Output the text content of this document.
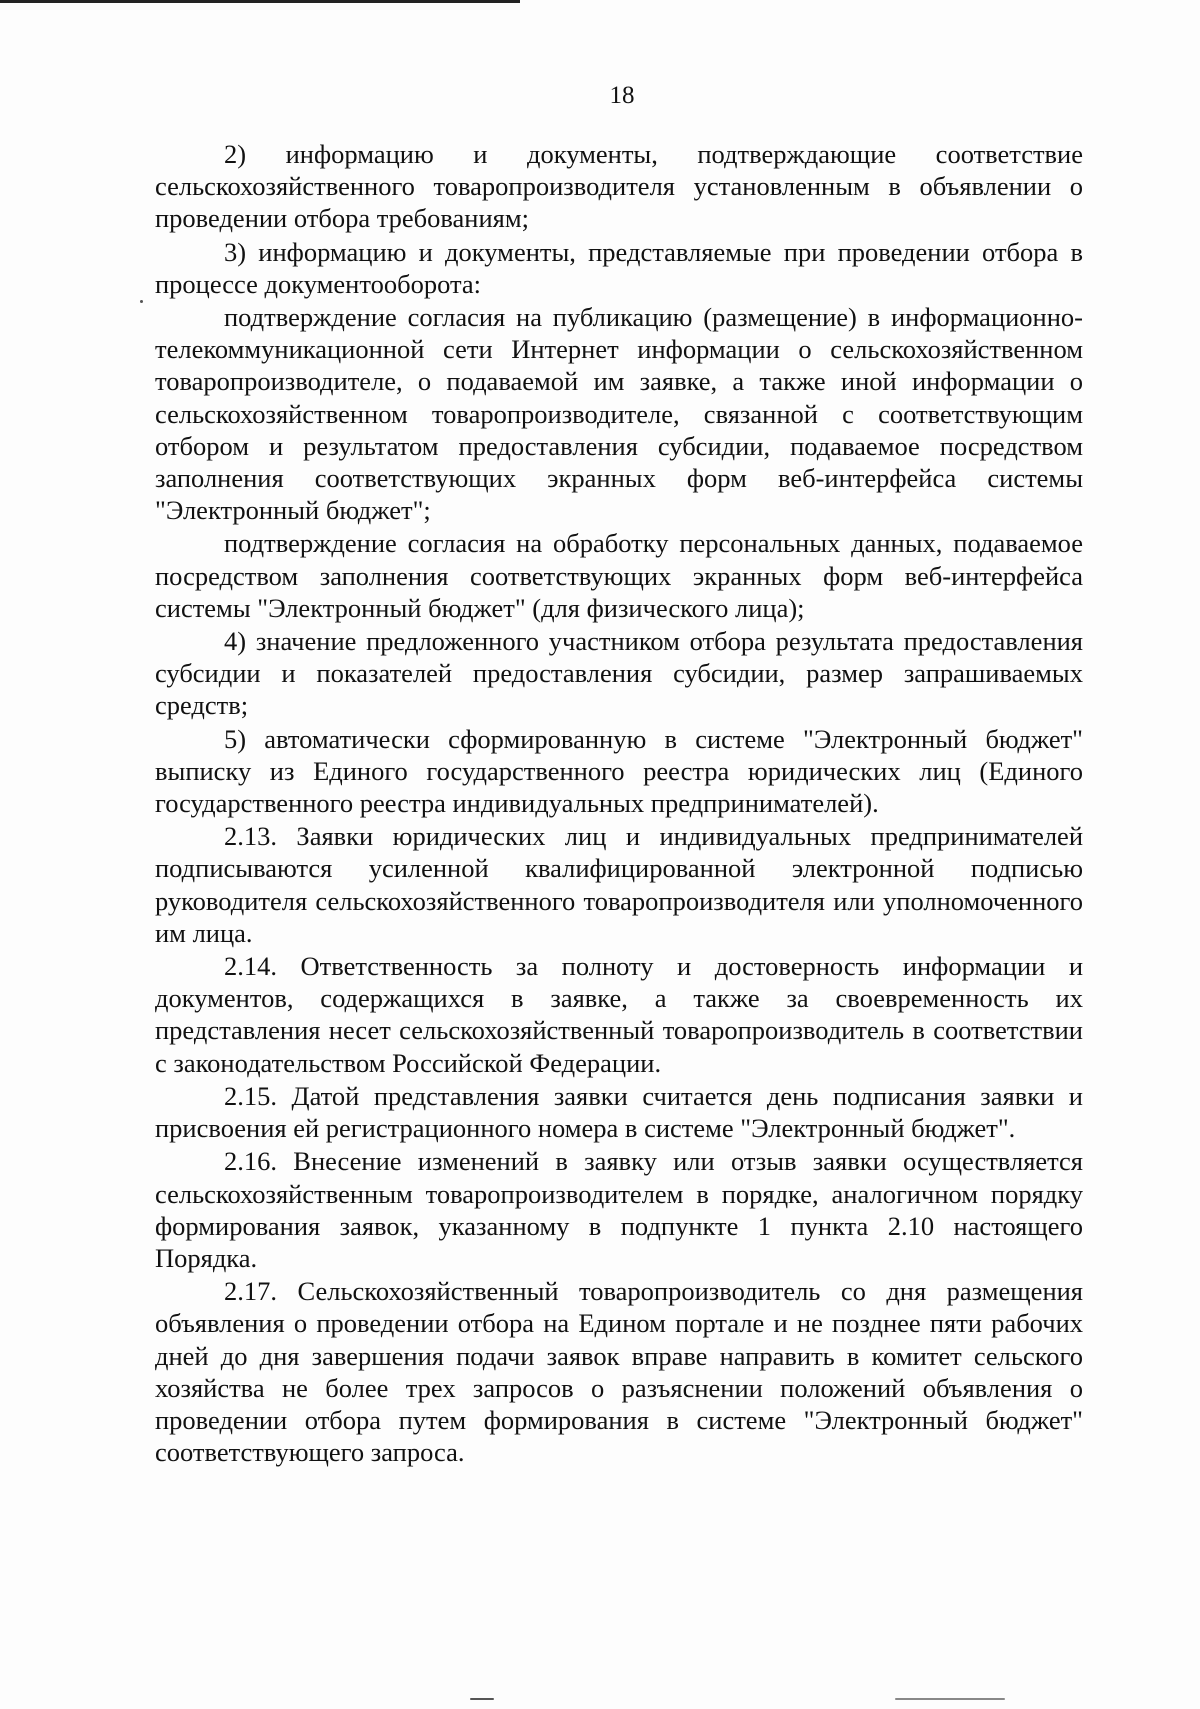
18

2) информацию и документы, подтверждающие соответствие сельскохозяйственного товаропроизводителя установленным в объявлении о проведении отбора требованиям;

3) информацию и документы, представляемые при проведении отбора в процессе документооборота:

подтверждение согласия на публикацию (размещение) в информационно-телекоммуникационной сети Интернет информации о сельскохозяйственном товаропроизводителе, о подаваемой им заявке, а также иной информации о сельскохозяйственном товаропроизводителе, связанной с соответствующим отбором и результатом предоставления субсидии, подаваемое посредством заполнения соответствующих экранных форм веб-интерфейса системы "Электронный бюджет";

подтверждение согласия на обработку персональных данных, подаваемое посредством заполнения соответствующих экранных форм веб-интерфейса системы "Электронный бюджет" (для физического лица);

4) значение предложенного участником отбора результата предоставления субсидии и показателей предоставления субсидии, размер запрашиваемых средств;

5) автоматически сформированную в системе "Электронный бюджет" выписку из Единого государственного реестра юридических лиц (Единого государственного реестра индивидуальных предпринимателей).

2.13. Заявки юридических лиц и индивидуальных предпринимателей подписываются усиленной квалифицированной электронной подписью руководителя сельскохозяйственного товаропроизводителя или уполномоченного им лица.

2.14. Ответственность за полноту и достоверность информации и документов, содержащихся в заявке, а также за своевременность их представления несет сельскохозяйственный товаропроизводитель в соответствии с законодательством Российской Федерации.

2.15. Датой представления заявки считается день подписания заявки и присвоения ей регистрационного номера в системе "Электронный бюджет".

2.16. Внесение изменений в заявку или отзыв заявки осуществляется сельскохозяйственным товаропроизводителем в порядке, аналогичном порядку формирования заявок, указанному в подпункте 1 пункта 2.10 настоящего Порядка.

2.17. Сельскохозяйственный товаропроизводитель со дня размещения объявления о проведении отбора на Едином портале и не позднее пяти рабочих дней до дня завершения подачи заявок вправе направить в комитет сельского хозяйства не более трех запросов о разъяснении положений объявления о проведении отбора путем формирования в системе "Электронный бюджет" соответствующего запроса.
